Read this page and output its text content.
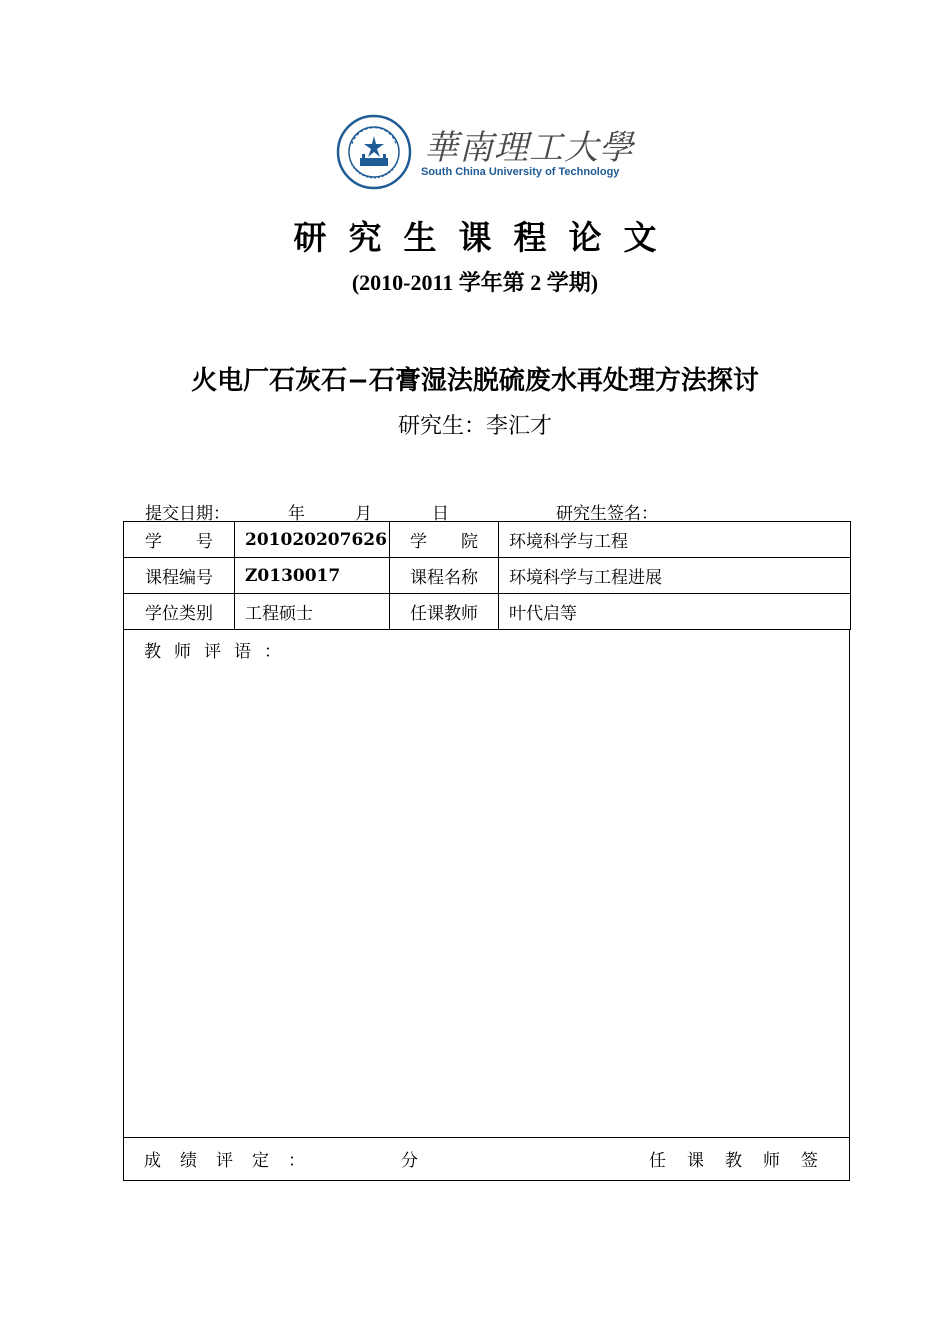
華南理工大學
South China University of Technology
研究生课程论文
(2010-2011 学年第 2 学期)
火电厂石灰石−石膏湿法脱硫废水再处理方法探讨
研究生：李汇才
提交日期：	年	月	日	研究生签名：
学　　号	201020207626	学　　院	环境科学与工程
课程编号	Z0130017	课程名称	环境科学与工程进展
学位类别	工程硕士	任课教师	叶代启等
教师评语：
成绩评定：	分	任课教师签
